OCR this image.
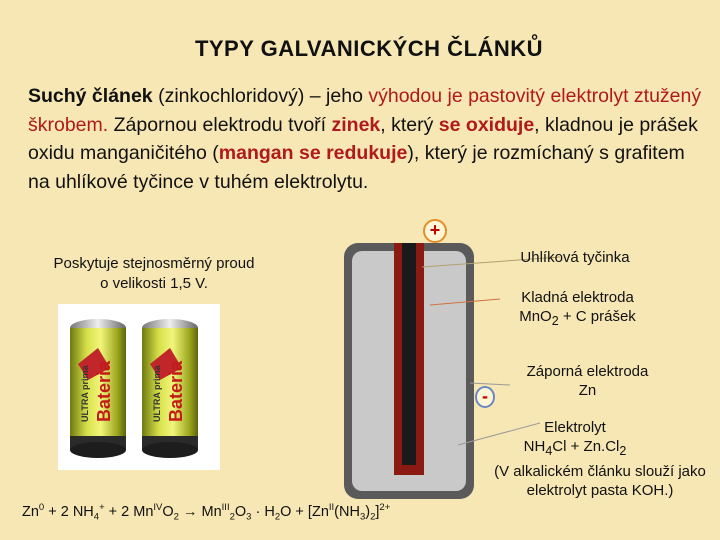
TYPY GALVANICKÝCH ČLÁNKŮ
Suchý článek (zinkochloridový) – jeho výhodou je pastovitý elektrolyt ztužený škrobem. Zápornou elektrodu tvoří zinek, který se oxiduje, kladnou je prášek oxidu manganičitého (mangan se redukuje), který je rozmíchaný s grafitem na uhlíkové tyčince v tuhém elektrolytu.
Poskytuje stejnosměrný proud
o velikosti 1,5 V.
Bateria
ULTRA prima	Bateria
ULTRA prima
+
-
Uhlíková tyčinka
Kladná elektroda
MnO$_2$ + C prášek
Záporná elektroda
Zn
Elektrolyt
$NH_4Cl + Zn.Cl_2$
(V alkalickém článku slouží jako elektrolyt pasta KOH.)
$Zn^0 + 2$ $NH_4^+ + 2$ $Mn^{IV}O_2 \to Mn^{III}_2O_3 \cdot H_2O + [Zn^{II}(NH_3)_2]^{2+}$
